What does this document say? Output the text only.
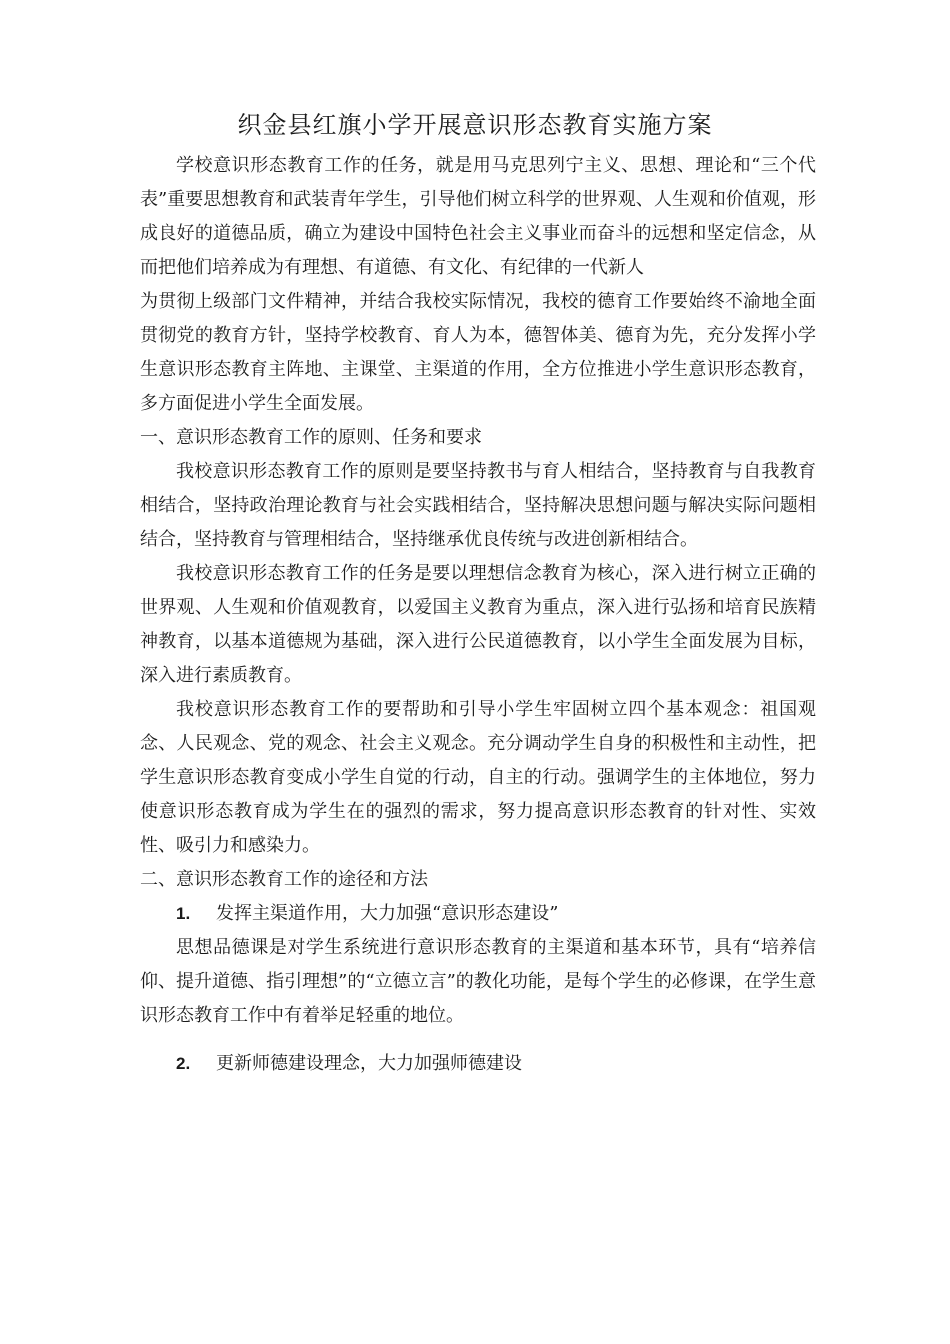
织金县红旗小学开展意识形态教育实施方案

学校意识形态教育工作的任务，就是用马克思列宁主义、思想、理论和“三个代表”重要思想教育和武装青年学生，引导他们树立科学的世界观、人生观和价值观，形成良好的道德品质，确立为建设中国特色社会主义事业而奋斗的远想和坚定信念，从而把他们培养成为有理想、有道德、有文化、有纪律的一代新人

为贯彻上级部门文件精神，并结合我校实际情况，我校的德育工作要始终不渝地全面贯彻党的教育方针，坚持学校教育、育人为本，德智体美、德育为先，充分发挥小学生意识形态教育主阵地、主课堂、主渠道的作用，全方位推进小学生意识形态教育，多方面促进小学生全面发展。

一、意识形态教育工作的原则、任务和要求

我校意识形态教育工作的原则是要坚持教书与育人相结合，坚持教育与自我教育相结合，坚持政治理论教育与社会实践相结合，坚持解决思想问题与解决实际问题相结合，坚持教育与管理相结合，坚持继承优良传统与改进创新相结合。

我校意识形态教育工作的任务是要以理想信念教育为核心，深入进行树立正确的世界观、人生观和价值观教育，以爱国主义教育为重点，深入进行弘扬和培育民族精神教育，以基本道德规为基础，深入进行公民道德教育，以小学生全面发展为目标，深入进行素质教育。

我校意识形态教育工作的要帮助和引导小学生牢固树立四个基本观念：祖国观念、人民观念、党的观念、社会主义观念。充分调动学生自身的积极性和主动性，把学生意识形态教育变成小学生自觉的行动，自主的行动。强调学生的主体地位，努力使意识形态教育成为学生在的强烈的需求，努力提高意识形态教育的针对性、实效性、吸引力和感染力。

二、意识形态教育工作的途径和方法

1. 发挥主渠道作用，大力加强“意识形态建设”

思想品德课是对学生系统进行意识形态教育的主渠道和基本环节，具有“培养信仰、提升道德、指引理想”的“立德立言”的教化功能，是每个学生的必修课，在学生意识形态教育工作中有着举足轻重的地位。

2. 更新师德建设理念，大力加强师德建设
